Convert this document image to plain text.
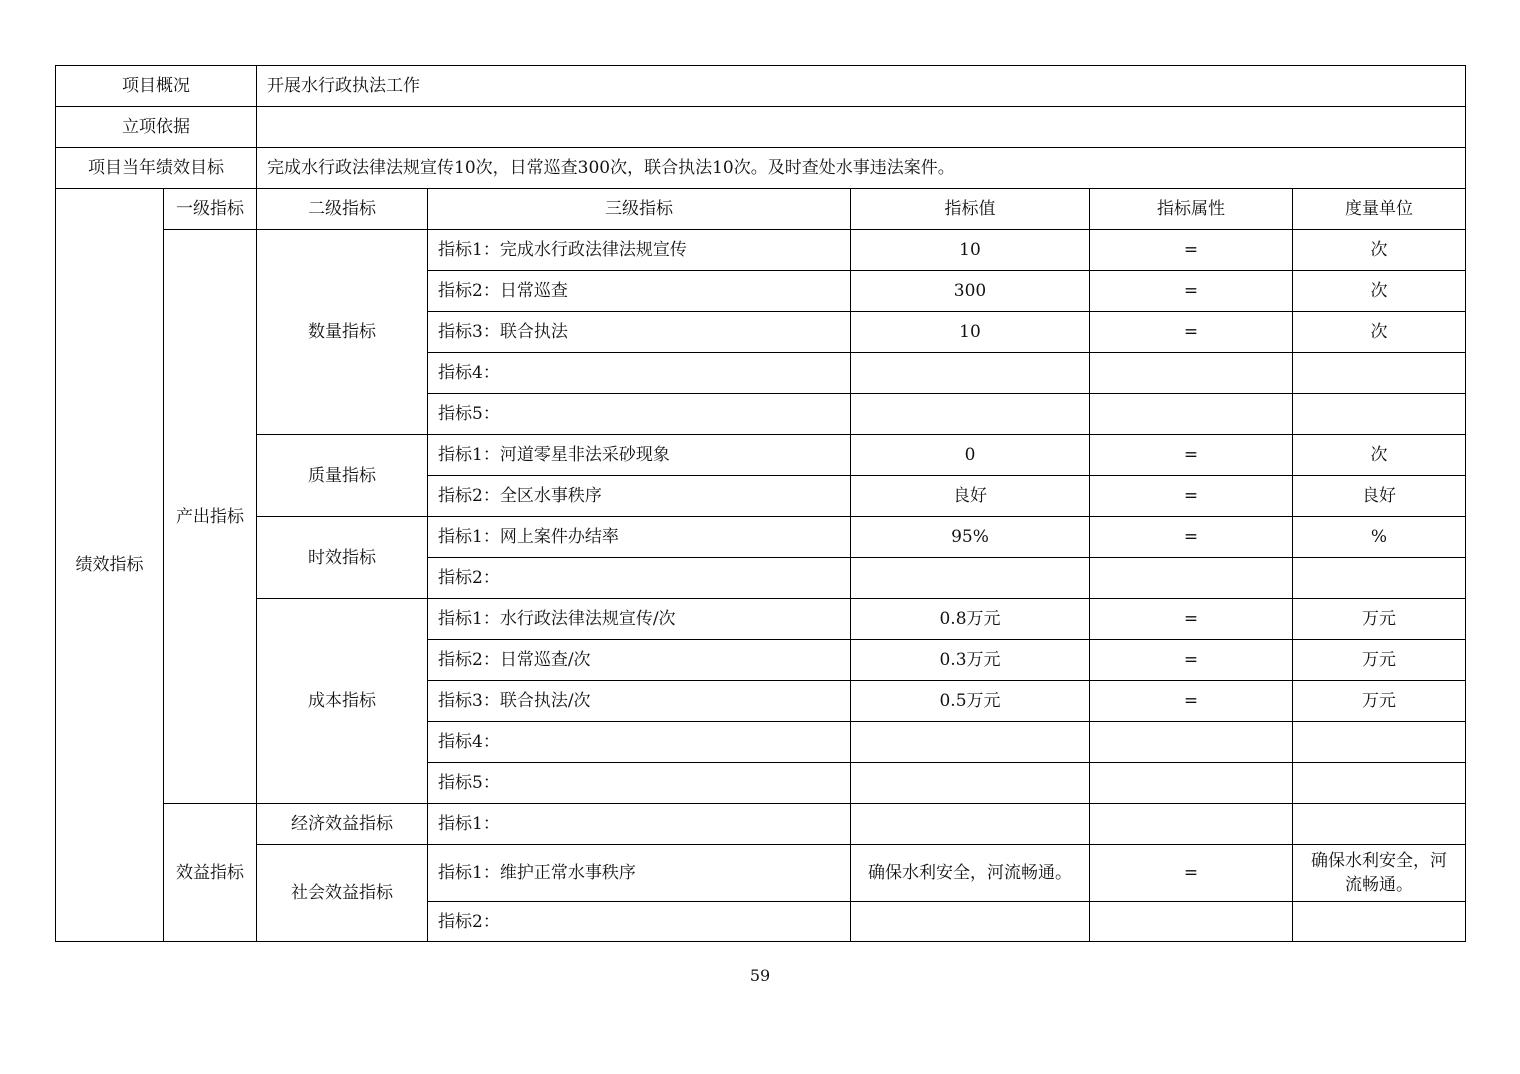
项目概况		开展水行政执法工作				
立项依据						
项目当年绩效目标		完成水行政法律法规宣传10次，日常巡查300次，联合执法10次。及时查处水事违法案件。				
绩效指标	一级指标	二级指标	三级指标	指标值	指标属性	度量单位
	产出指标	数量指标	指标1：完成水行政法律法规宣传	10	=	次
			指标2：日常巡查	300	=	次
			指标3：联合执法	10	=	次
			指标4：			
			指标5：			
		质量指标	指标1：河道零星非法采砂现象	0	=	次
			指标2：全区水事秩序	良好	=	良好
		时效指标	指标1：网上案件办结率	95%	=	%
			指标2：			
		成本指标	指标1：水行政法律法规宣传/次	0.8万元	=	万元
			指标2：日常巡查/次	0.3万元	=	万元
			指标3：联合执法/次	0.5万元	=	万元
			指标4：			
			指标5：			
	效益指标	经济效益指标	指标1：			
		社会效益指标	指标1：维护正常水事秩序	确保水利安全，河流畅通。	=	确保水利安全，河流畅通。
			指标2：			
59
